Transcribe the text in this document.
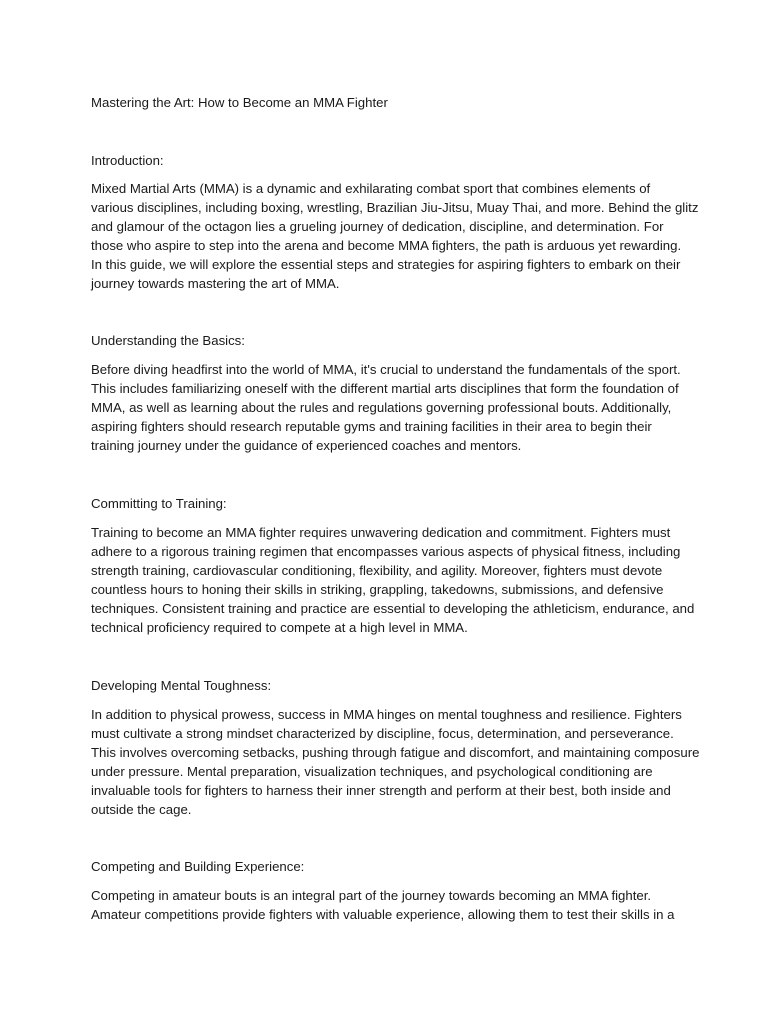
Mastering the Art: How to Become an MMA Fighter

Introduction:

Mixed Martial Arts (MMA) is a dynamic and exhilarating combat sport that combines elements of
various disciplines, including boxing, wrestling, Brazilian Jiu-Jitsu, Muay Thai, and more. Behind the glitz
and glamour of the octagon lies a grueling journey of dedication, discipline, and determination. For
those who aspire to step into the arena and become MMA fighters, the path is arduous yet rewarding.
In this guide, we will explore the essential steps and strategies for aspiring fighters to embark on their
journey towards mastering the art of MMA.

Understanding the Basics:

Before diving headfirst into the world of MMA, it's crucial to understand the fundamentals of the sport.
This includes familiarizing oneself with the different martial arts disciplines that form the foundation of
MMA, as well as learning about the rules and regulations governing professional bouts. Additionally,
aspiring fighters should research reputable gyms and training facilities in their area to begin their
training journey under the guidance of experienced coaches and mentors.

Committing to Training:

Training to become an MMA fighter requires unwavering dedication and commitment. Fighters must
adhere to a rigorous training regimen that encompasses various aspects of physical fitness, including
strength training, cardiovascular conditioning, flexibility, and agility. Moreover, fighters must devote
countless hours to honing their skills in striking, grappling, takedowns, submissions, and defensive
techniques. Consistent training and practice are essential to developing the athleticism, endurance, and
technical proficiency required to compete at a high level in MMA.

Developing Mental Toughness:

In addition to physical prowess, success in MMA hinges on mental toughness and resilience. Fighters
must cultivate a strong mindset characterized by discipline, focus, determination, and perseverance.
This involves overcoming setbacks, pushing through fatigue and discomfort, and maintaining composure
under pressure. Mental preparation, visualization techniques, and psychological conditioning are
invaluable tools for fighters to harness their inner strength and perform at their best, both inside and
outside the cage.

Competing and Building Experience:

Competing in amateur bouts is an integral part of the journey towards becoming an MMA fighter.
Amateur competitions provide fighters with valuable experience, allowing them to test their skills in a
